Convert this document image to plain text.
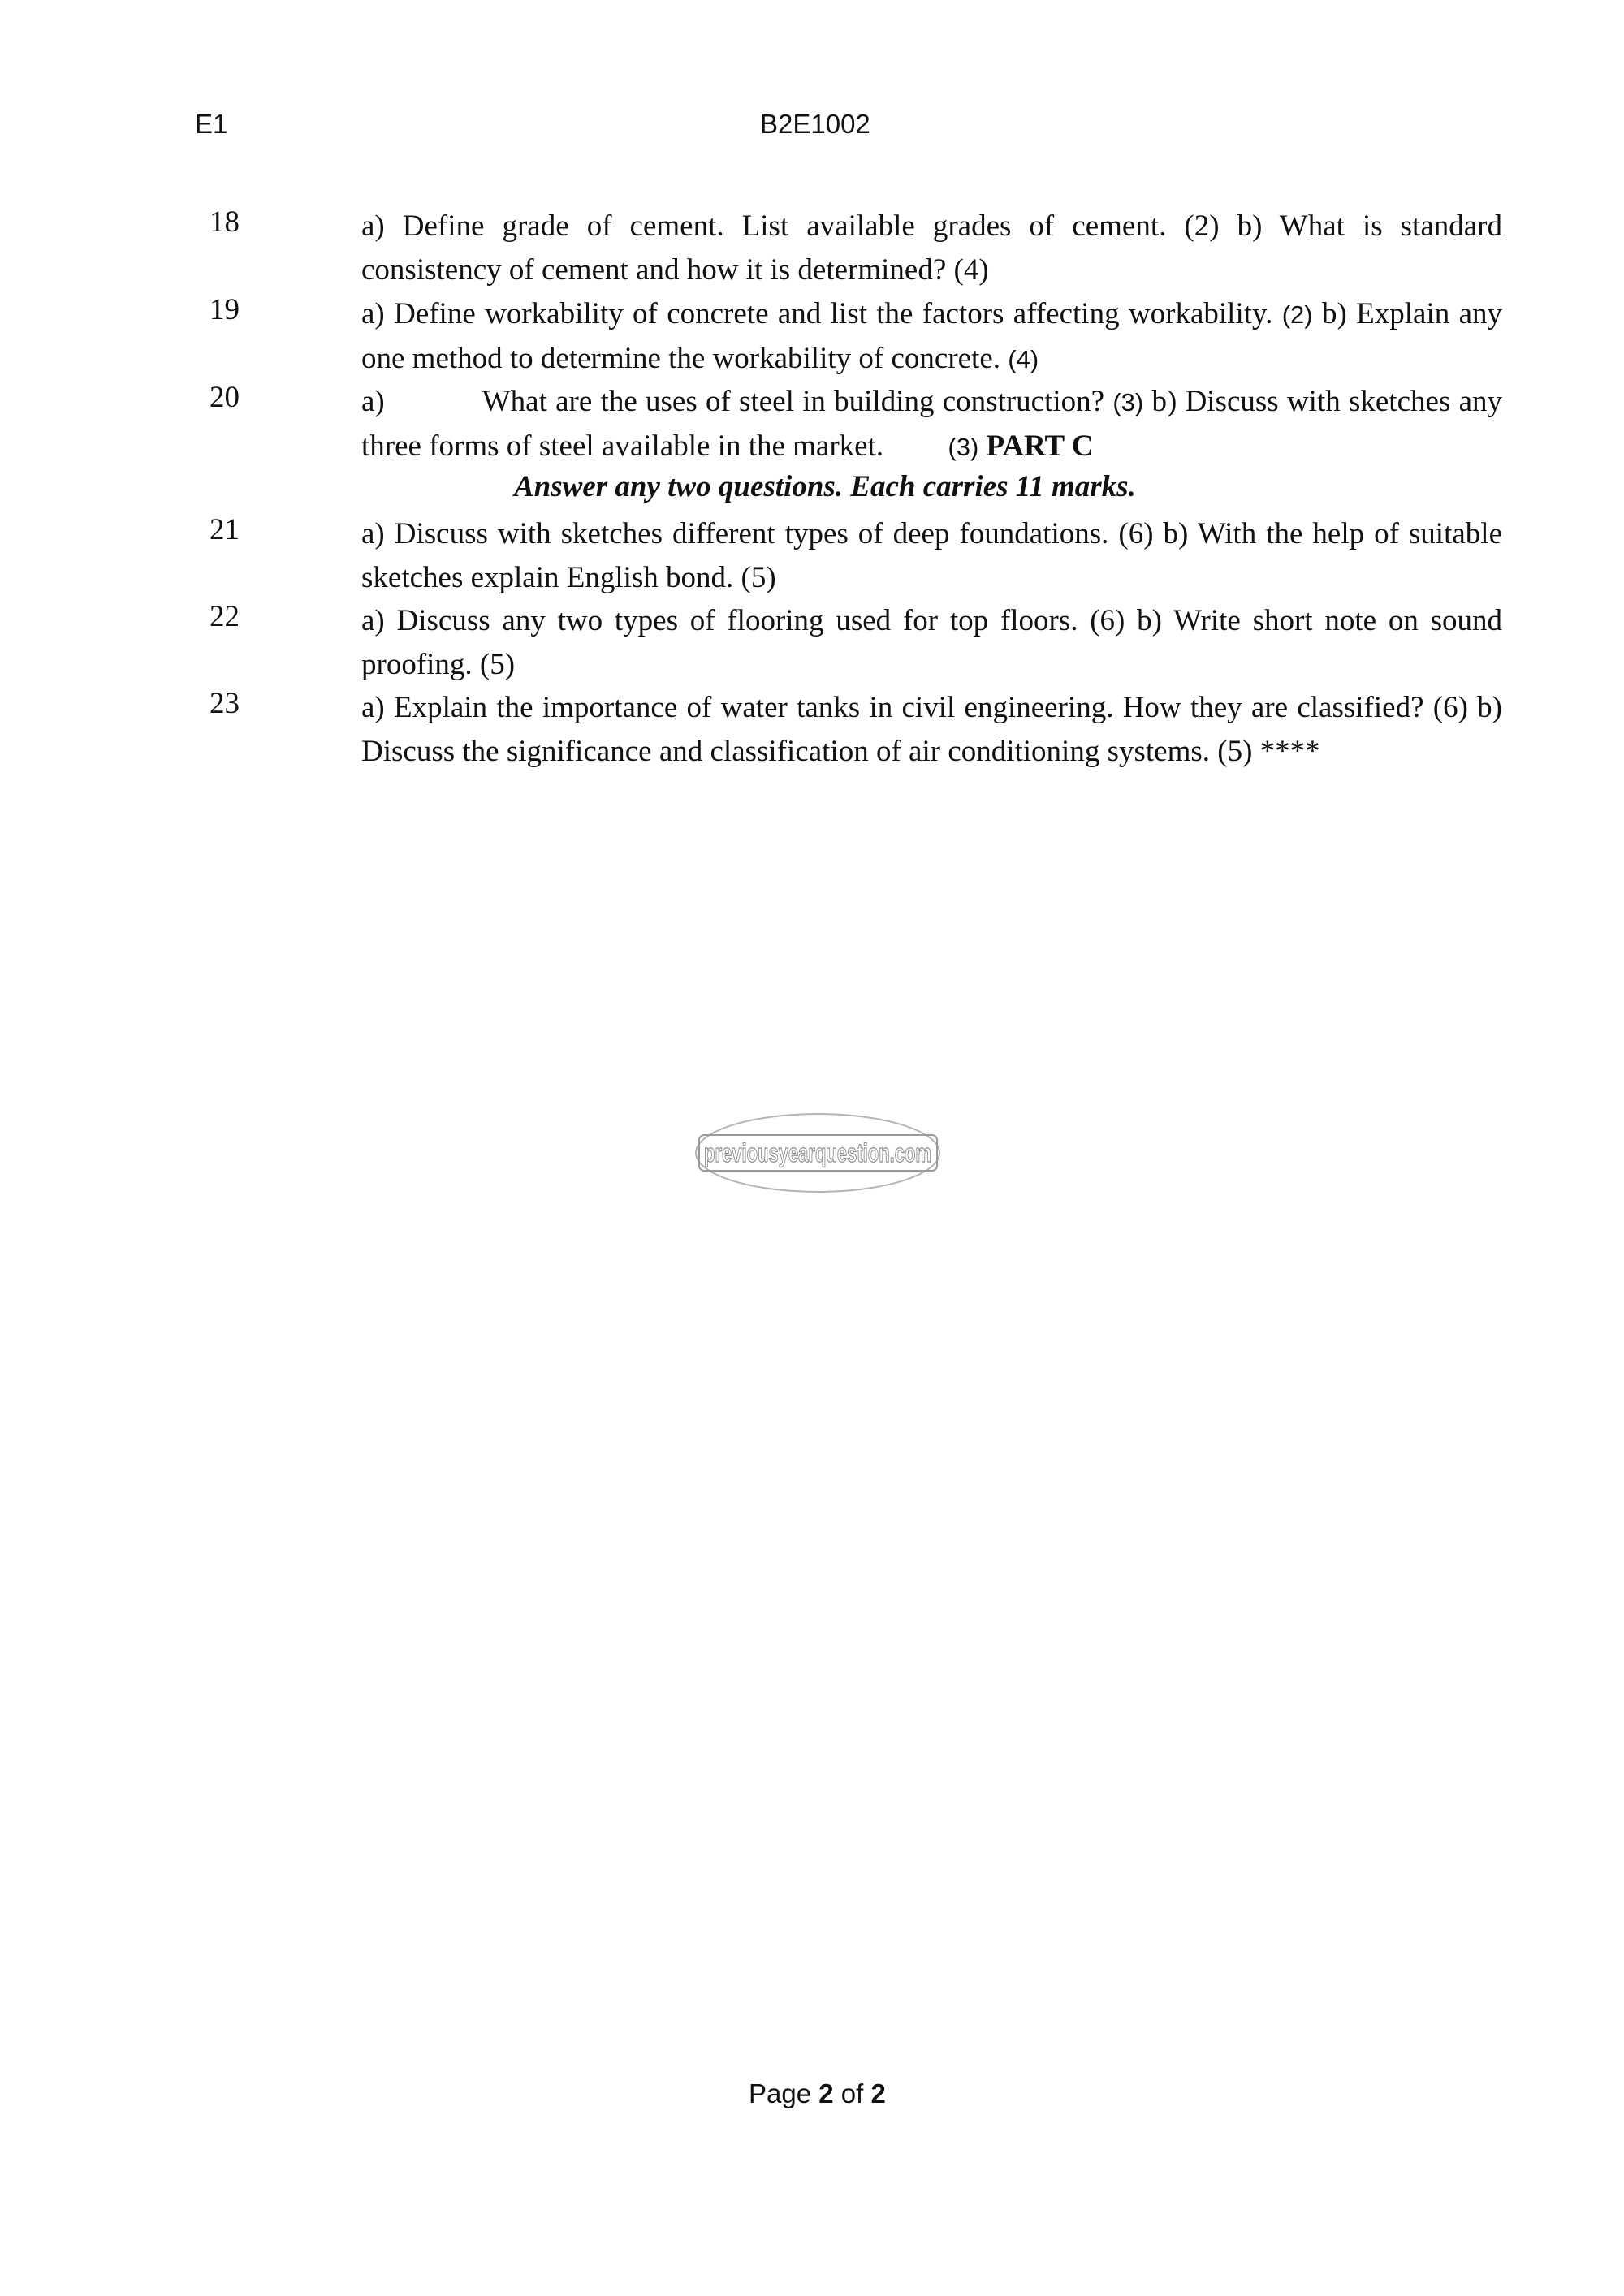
E1	B2E1002
18	a) Define grade of cement. List available grades of cement. (2) b) What is standard consistency of cement and how it is determined? (4)
19	a) Define workability of concrete and list the factors affecting workability. (2) b) Explain any one method to determine the workability of concrete. (4)
20	a)	What are the uses of steel in building construction? (3) b) Discuss with sketches any three forms of steel available in the market.	(3) PART C
Answer any two questions. Each carries 11 marks.
21	a) Discuss with sketches different types of deep foundations. (6) b) With the help of suitable sketches explain English bond. (5)
22	a) Discuss any two types of flooring used for top floors. (6) b) Write short note on sound proofing. (5)
23	a) Explain the importance of water tanks in civil engineering. How they are classified? (6) b) Discuss the significance and classification of air conditioning systems. (5) ****
previousyearquestion.com
Page 2 of 2
